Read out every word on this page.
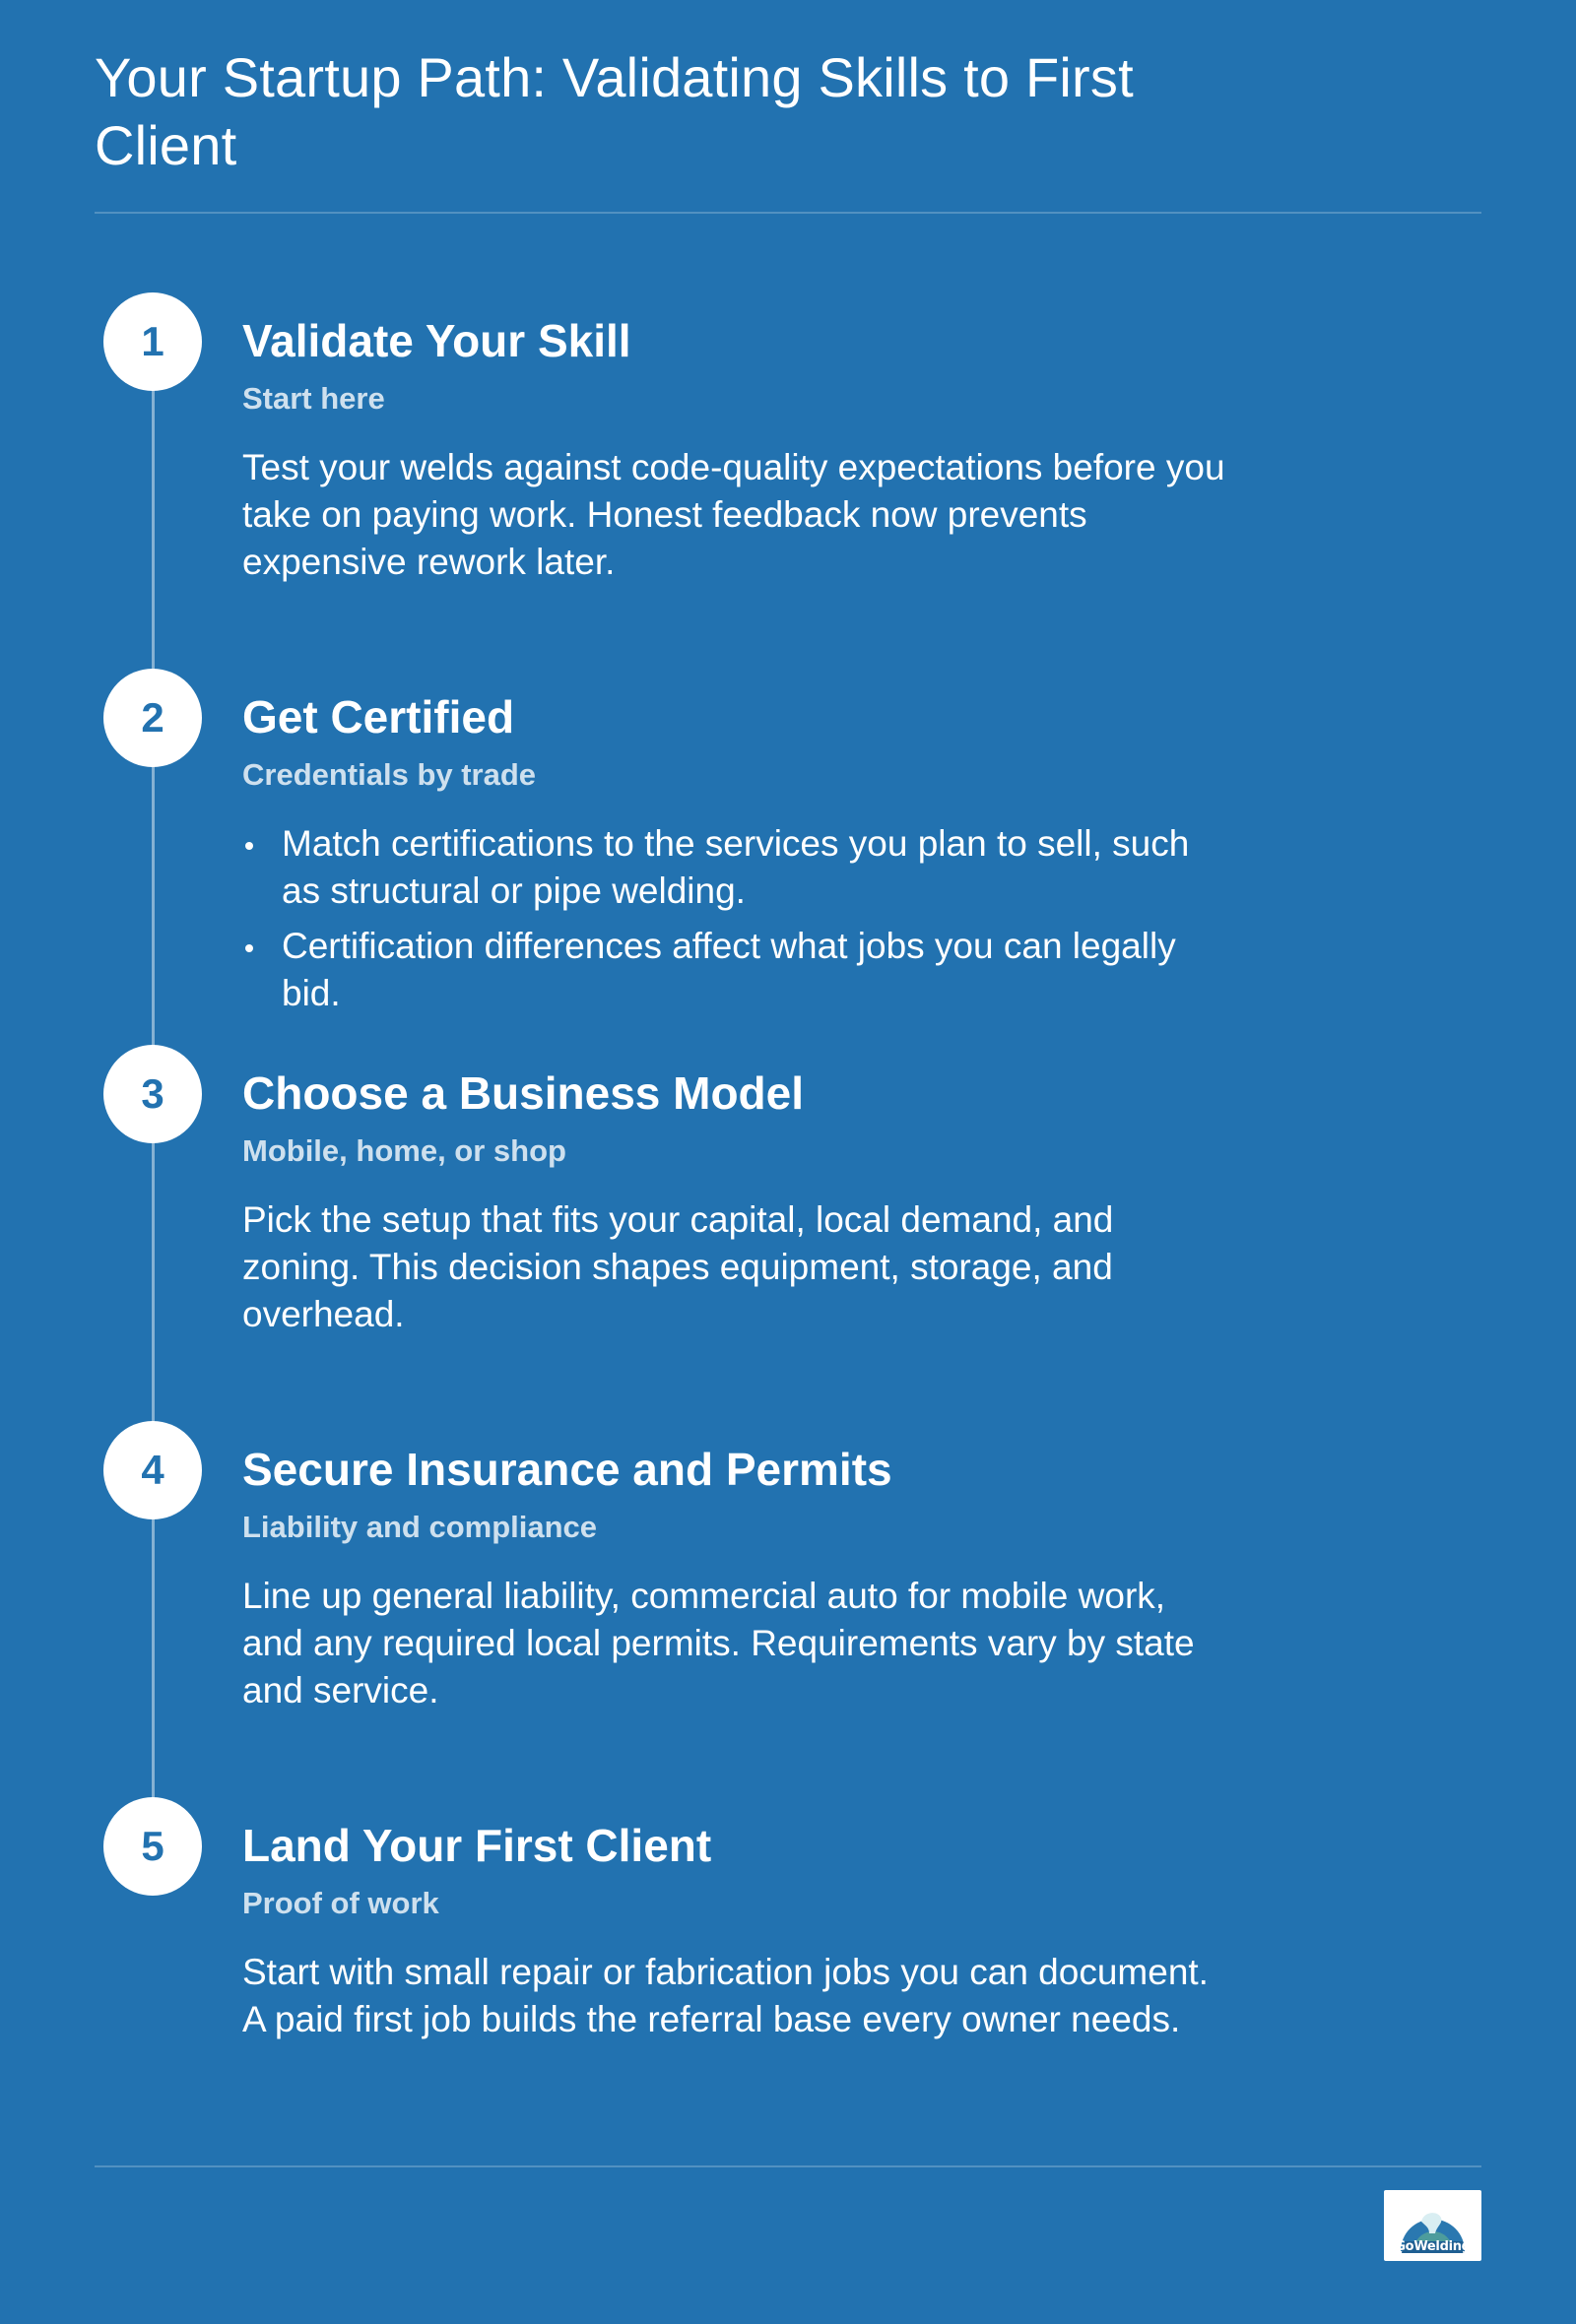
Your Startup Path: Validating Skills to First Client
1	Validate Your Skill

Start here

Test your welds against code-quality expectations before you take on paying work. Honest feedback now prevents expensive rework later.

2	Get Certified

Credentials by trade

Match certifications to the services you plan to sell, such as structural or pipe welding.
Certification differences affect what jobs you can legally bid.
3	Choose a Business Model

Mobile, home, or shop

Pick the setup that fits your capital, local demand, and zoning. This decision shapes equipment, storage, and overhead.

4	Secure Insurance and Permits

Liability and compliance

Line up general liability, commercial auto for mobile work, and any required local permits. Requirements vary by state and service.

5	Land Your First Client

Proof of work

Start with small repair or fabrication jobs you can document. A paid first job builds the referral base every owner needs.

GoWelding
